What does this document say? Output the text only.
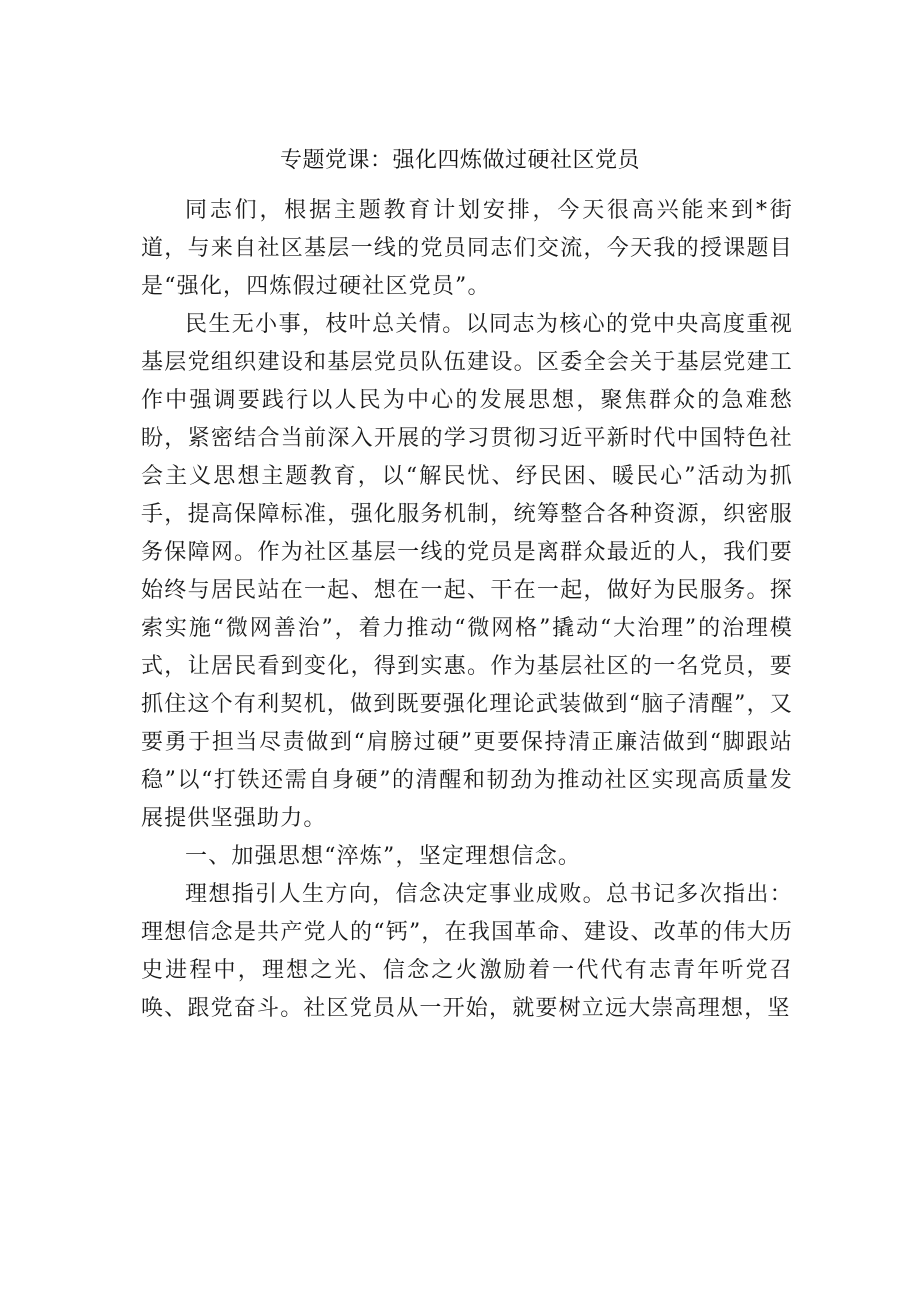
专题党课：强化四炼做过硬社区党员

同志们，根据主题教育计划安排，今天很高兴能来到*街道，与来自社区基层一线的党员同志们交流，今天我的授课题目是“强化，四炼假过硬社区党员”。

民生无小事，枝叶总关情。以同志为核心的党中央高度重视基层党组织建设和基层党员队伍建设。区委全会关于基层党建工作中强调要践行以人民为中心的发展思想，聚焦群众的急难愁盼，紧密结合当前深入开展的学习贯彻习近平新时代中国特色社会主义思想主题教育，以“解民忧、纾民困、暖民心”活动为抓手，提高保障标准，强化服务机制，统筹整合各种资源，织密服务保障网。作为社区基层一线的党员是离群众最近的人，我们要始终与居民站在一起、想在一起、干在一起，做好为民服务。探索实施“微网善治”，着力推动“微网格”撬动“大治理”的治理模式，让居民看到变化，得到实惠。作为基层社区的一名党员，要抓住这个有利契机，做到既要强化理论武装做到“脑子清醒”，又要勇于担当尽责做到“肩膀过硬”更要保持清正廉洁做到“脚跟站稳”以“打铁还需自身硬”的清醒和韧劲为推动社区实现高质量发展提供坚强助力。

一、加强思想“淬炼”，坚定理想信念。

理想指引人生方向，信念决定事业成败。总书记多次指出：理想信念是共产党人的“钙”，在我国革命、建设、改革的伟大历史进程中，理想之光、信念之火激励着一代代有志青年听党召唤、跟党奋斗。社区党员从一开始，就要树立远大崇高理想，坚
